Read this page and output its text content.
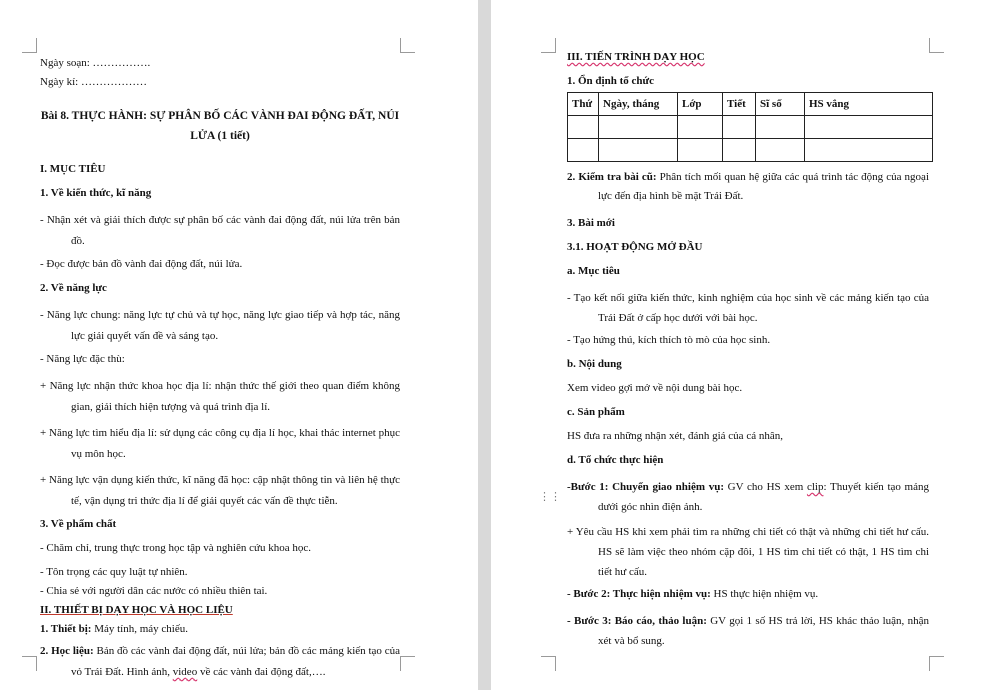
Ngày soạn: …………….

Ngày kí: ………………

Bài 8. THỰC HÀNH: SỰ PHÂN BỐ CÁC VÀNH ĐAI ĐỘNG ĐẤT, NÚI LỬA (1 tiết)

I. MỤC TIÊU

1. Về kiến thức, kĩ năng

- Nhận xét và giải thích được sự phân bố các vành đai động đất, núi lửa trên bản đồ.

- Đọc được bản đồ vành đai động đất, núi lửa.

2. Về năng lực

- Năng lực chung: năng lực tự chủ và tự học, năng lực giao tiếp và hợp tác, năng lực giải quyết vấn đề và sáng tạo.

- Năng lực đặc thù:

+ Năng lực nhận thức khoa học địa lí: nhận thức thế giới theo quan điểm không gian, giải thích hiện tượng và quá trình địa lí.

+ Năng lực tìm hiểu địa lí: sử dụng các công cụ địa lí học, khai thác internet phục vụ môn học.

+ Năng lực vận dụng kiến thức, kĩ năng đã học: cập nhật thông tin và liên hệ thực tế, vận dụng tri thức địa lí để giải quyết các vấn đề thực tiễn.

3. Về phẩm chất

- Chăm chỉ, trung thực trong học tập và nghiên cứu khoa học.

- Tôn trọng các quy luật tự nhiên.

- Chia sẻ với người dân các nước có nhiều thiên tai.

II. THIẾT BỊ DẠY HỌC VÀ HỌC LIỆU

1. Thiết bị: Máy tính, máy chiếu.

2. Học liệu: Bản đồ các vành đai động đất, núi lửa; bản đồ các mảng kiến tạo của vỏ Trái Đất. Hình ảnh, video về các vành đai động đất,….

⋮⋮

III. TIẾN TRÌNH DẠY HỌC

1. Ổn định tổ chức

Thứ	Ngày, tháng	Lớp	Tiết	Sĩ số	HS vắng

2. Kiểm tra bài cũ: Phân tích mối quan hệ giữa các quá trình tác động của ngoại lực đến địa hình bề mặt Trái Đất.

3. Bài mới

3.1. HOẠT ĐỘNG MỞ ĐẦU

a. Mục tiêu

- Tạo kết nối giữa kiến thức, kinh nghiệm của học sinh về các mảng kiến tạo của Trái Đất ở cấp học dưới với bài học.

- Tạo hứng thú, kích thích tò mò của học sinh.

b. Nội dung

Xem video gợi mở về nội dung bài học.

c. Sản phẩm

HS đưa ra những nhận xét, đánh giá của cá nhân,

d. Tổ chức thực hiện

-Bước 1: Chuyển giao nhiệm vụ: GV cho HS xem clip: Thuyết kiến tạo mảng dưới góc nhìn điện ảnh.

+ Yêu cầu HS khi xem phải tìm ra những chi tiết có thật và những chi tiết hư cấu. HS sẽ làm việc theo nhóm cặp đôi, 1 HS tìm chi tiết có thật, 1 HS tìm chi tiết hư cấu.

- Bước 2: Thực hiện nhiệm vụ: HS thực hiện nhiệm vụ.

- Bước 3: Báo cáo, thảo luận: GV gọi 1 số HS trả lời, HS khác thảo luận, nhận xét và bổ sung.
